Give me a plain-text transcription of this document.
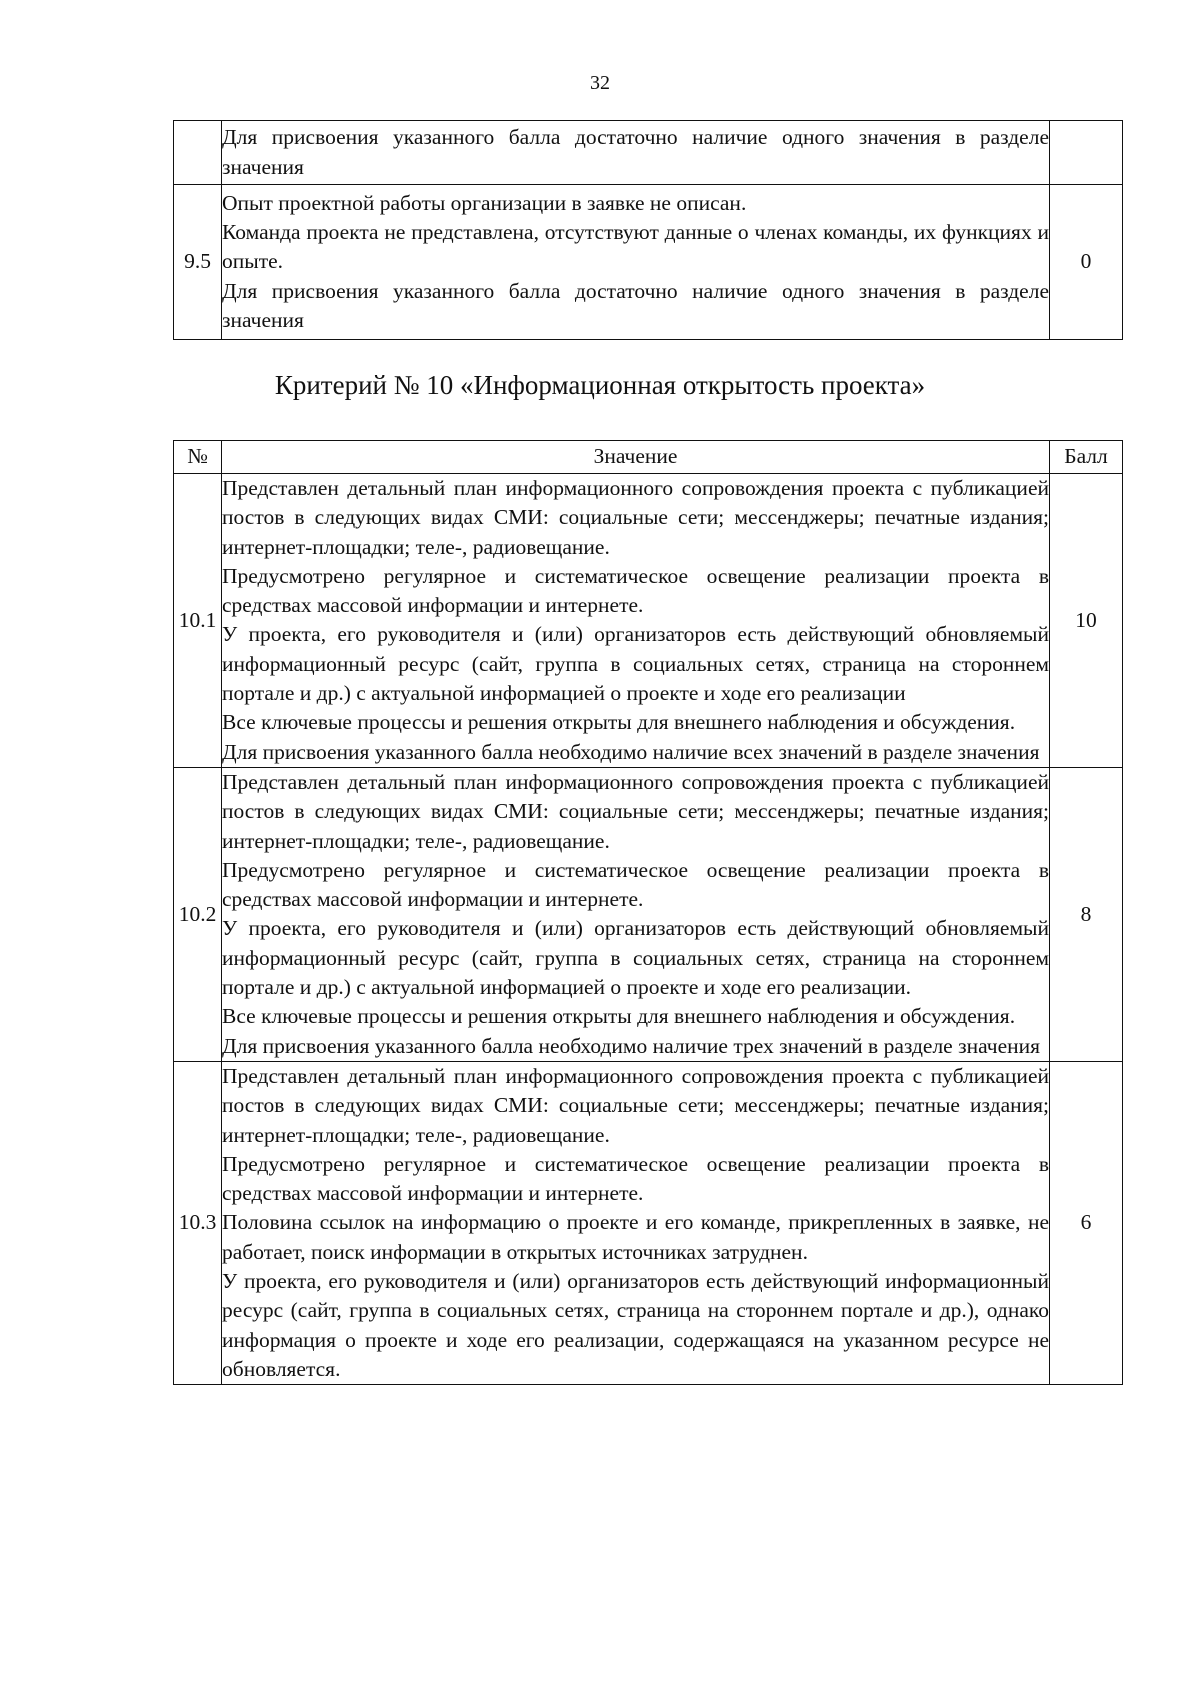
32

	Для присвоения указанного балла достаточно наличие одного значения в разделе значения	

9.5	Опыт проектной работы организации в заявке не описан.

Команда проекта не представлена, отсутствуют данные о членах команды, их функциях и опыте.

Для присвоения указанного балла достаточно наличие одного значения в разделе значения	0
Критерий № 10 «Информационная открытость проекта»
№	Значение	Балл
10.1	Представлен детальный план информационного сопровождения проекта с публикацией постов в следующих видах СМИ: социальные сети; мессенджеры; печатные издания; интернет-площадки; теле-, радиовещание.

Предусмотрено регулярное и систематическое освещение реализации проекта в средствах массовой информации и интернете.

У проекта, его руководителя и (или) организаторов есть действующий обновляемый информационный ресурс (сайт, группа в социальных сетях, страница на стороннем портале и др.) с актуальной информацией о проекте и ходе его реализации

Все ключевые процессы и решения открыты для внешнего наблюдения и обсуждения.

Для присвоения указанного балла необходимо наличие всех значений в разделе значения	10
10.2	Представлен детальный план информационного сопровождения проекта с публикацией постов в следующих видах СМИ: социальные сети; мессенджеры; печатные издания; интернет-площадки; теле-, радиовещание.

Предусмотрено регулярное и систематическое освещение реализации проекта в средствах массовой информации и интернете.

У проекта, его руководителя и (или) организаторов есть действующий обновляемый информационный ресурс (сайт, группа в социальных сетях, страница на стороннем портале и др.) с актуальной информацией о проекте и ходе его реализации.

Все ключевые процессы и решения открыты для внешнего наблюдения и обсуждения.

Для присвоения указанного балла необходимо наличие трех значений в разделе значения	8
10.3	Представлен детальный план информационного сопровождения проекта с публикацией постов в следующих видах СМИ: социальные сети; мессенджеры; печатные издания; интернет-площадки; теле-, радиовещание.

Предусмотрено регулярное и систематическое освещение реализации проекта в средствах массовой информации и интернете.

Половина ссылок на информацию о проекте и его команде, прикрепленных в заявке, не работает, поиск информации в открытых источниках затруднен.

У проекта, его руководителя и (или) организаторов есть действующий информационный ресурс (сайт, группа в социальных сетях, страница на стороннем портале и др.), однако информация о проекте и ходе его реализации, содержащаяся на указанном ресурсе не обновляется.	6
